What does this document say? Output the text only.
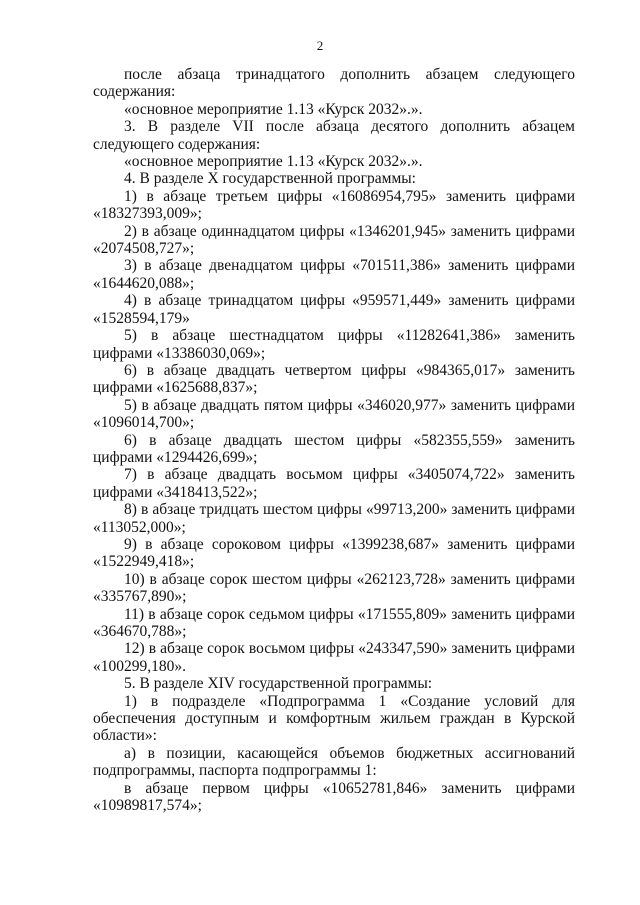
2

после абзаца тринадцатого дополнить абзацем следующего содержания:

«основное мероприятие 1.13 «Курск 2032».».

3. В разделе VII после абзаца десятого дополнить абзацем следующего содержания:

«основное мероприятие 1.13 «Курск 2032».».

4. В разделе X государственной программы:

1) в абзаце третьем цифры «16086954,795» заменить цифрами «18327393,009»;

2) в абзаце одиннадцатом цифры «1346201,945» заменить цифрами «2074508,727»;

3) в абзаце двенадцатом цифры «701511,386» заменить цифрами «1644620,088»;

4) в абзаце тринадцатом цифры «959571,449» заменить цифрами «1528594,179»

5) в абзаце шестнадцатом цифры «11282641,386» заменить цифрами «13386030,069»;

6) в абзаце двадцать четвертом цифры «984365,017» заменить цифрами «1625688,837»;

5) в абзаце двадцать пятом цифры «346020,977» заменить цифрами «1096014,700»;

6) в абзаце двадцать шестом цифры «582355,559» заменить цифрами «1294426,699»;

7) в абзаце двадцать восьмом цифры «3405074,722» заменить цифрами «3418413,522»;

8) в абзаце тридцать шестом цифры «99713,200» заменить цифрами «113052,000»;

9) в абзаце сороковом цифры «1399238,687» заменить цифрами «1522949,418»;

10) в абзаце сорок шестом цифры «262123,728» заменить цифрами «335767,890»;

11) в абзаце сорок седьмом цифры «171555,809» заменить цифрами «364670,788»;

12) в абзаце сорок восьмом цифры «243347,590» заменить цифрами «100299,180».

5. В разделе XIV государственной программы:

1) в подразделе «Подпрограмма 1 «Создание условий для обеспечения доступным и комфортным жильем граждан в Курской области»:

а) в позиции, касающейся объемов бюджетных ассигнований подпрограммы, паспорта подпрограммы 1:

в абзаце первом цифры «10652781,846» заменить цифрами «10989817,574»;
